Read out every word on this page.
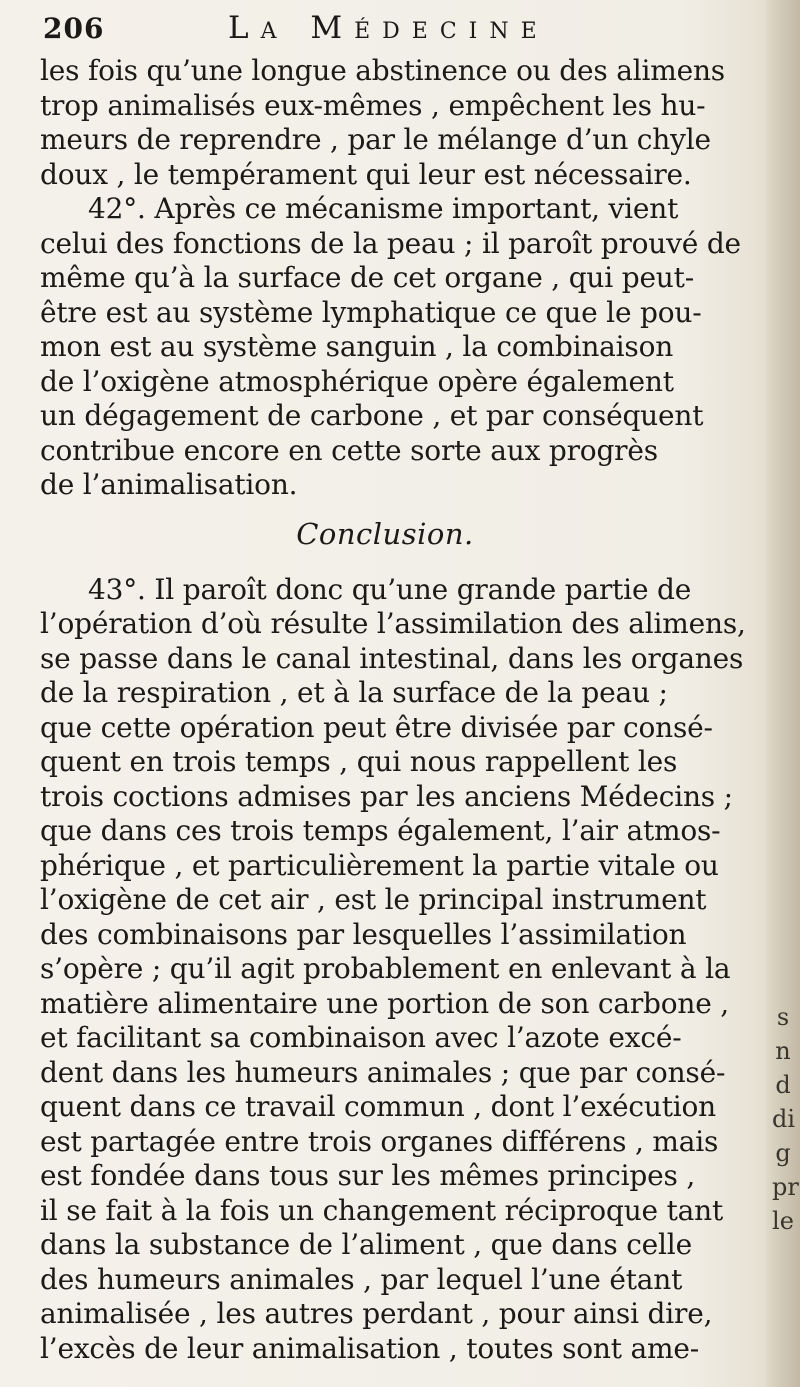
206	La Médecine
les fois qu’une longue abstinence ou des alimens
trop animalisés eux-mêmes , empêchent les hu-
meurs de reprendre , par le mélange d’un chyle
doux , le tempérament qui leur est nécessaire.
42°. Après ce mécanisme important, vient
celui des fonctions de la peau ; il paroît prouvé de
même qu’à la surface de cet organe , qui peut-
être est au système lymphatique ce que le pou-
mon est au système sanguin , la combinaison
de l’oxigène atmosphérique opère également
un dégagement de carbone , et par conséquent
contribue encore en cette sorte aux progrès
de l’animalisation.
Conclusion.
43°. Il paroît donc qu’une grande partie de
l’opération d’où résulte l’assimilation des alimens,
se passe dans le canal intestinal, dans les organes
de la respiration , et à la surface de la peau ;
que cette opération peut être divisée par consé-
quent en trois temps , qui nous rappellent les
trois coctions admises par les anciens Médecins ;
que dans ces trois temps également, l’air atmos-
phérique , et particulièrement la partie vitale ou
l’oxigène de cet air , est le principal instrument
des combinaisons par lesquelles l’assimilation
s’opère ; qu’il agit probablement en enlevant à la
matière alimentaire une portion de son carbone ,
et facilitant sa combinaison avec l’azote excé-
dent dans les humeurs animales ; que par consé-
quent dans ce travail commun , dont l’exécution
est partagée entre trois organes différens , mais
est fondée dans tous sur les mêmes principes ,
il se fait à la fois un changement réciproque tant
dans la substance de l’aliment , que dans celle
des humeurs animales , par lequel l’une étant
animalisée , les autres perdant , pour ainsi dire,
l’excès de leur animalisation , toutes sont ame-
s
n
d
di
g
pr
le
